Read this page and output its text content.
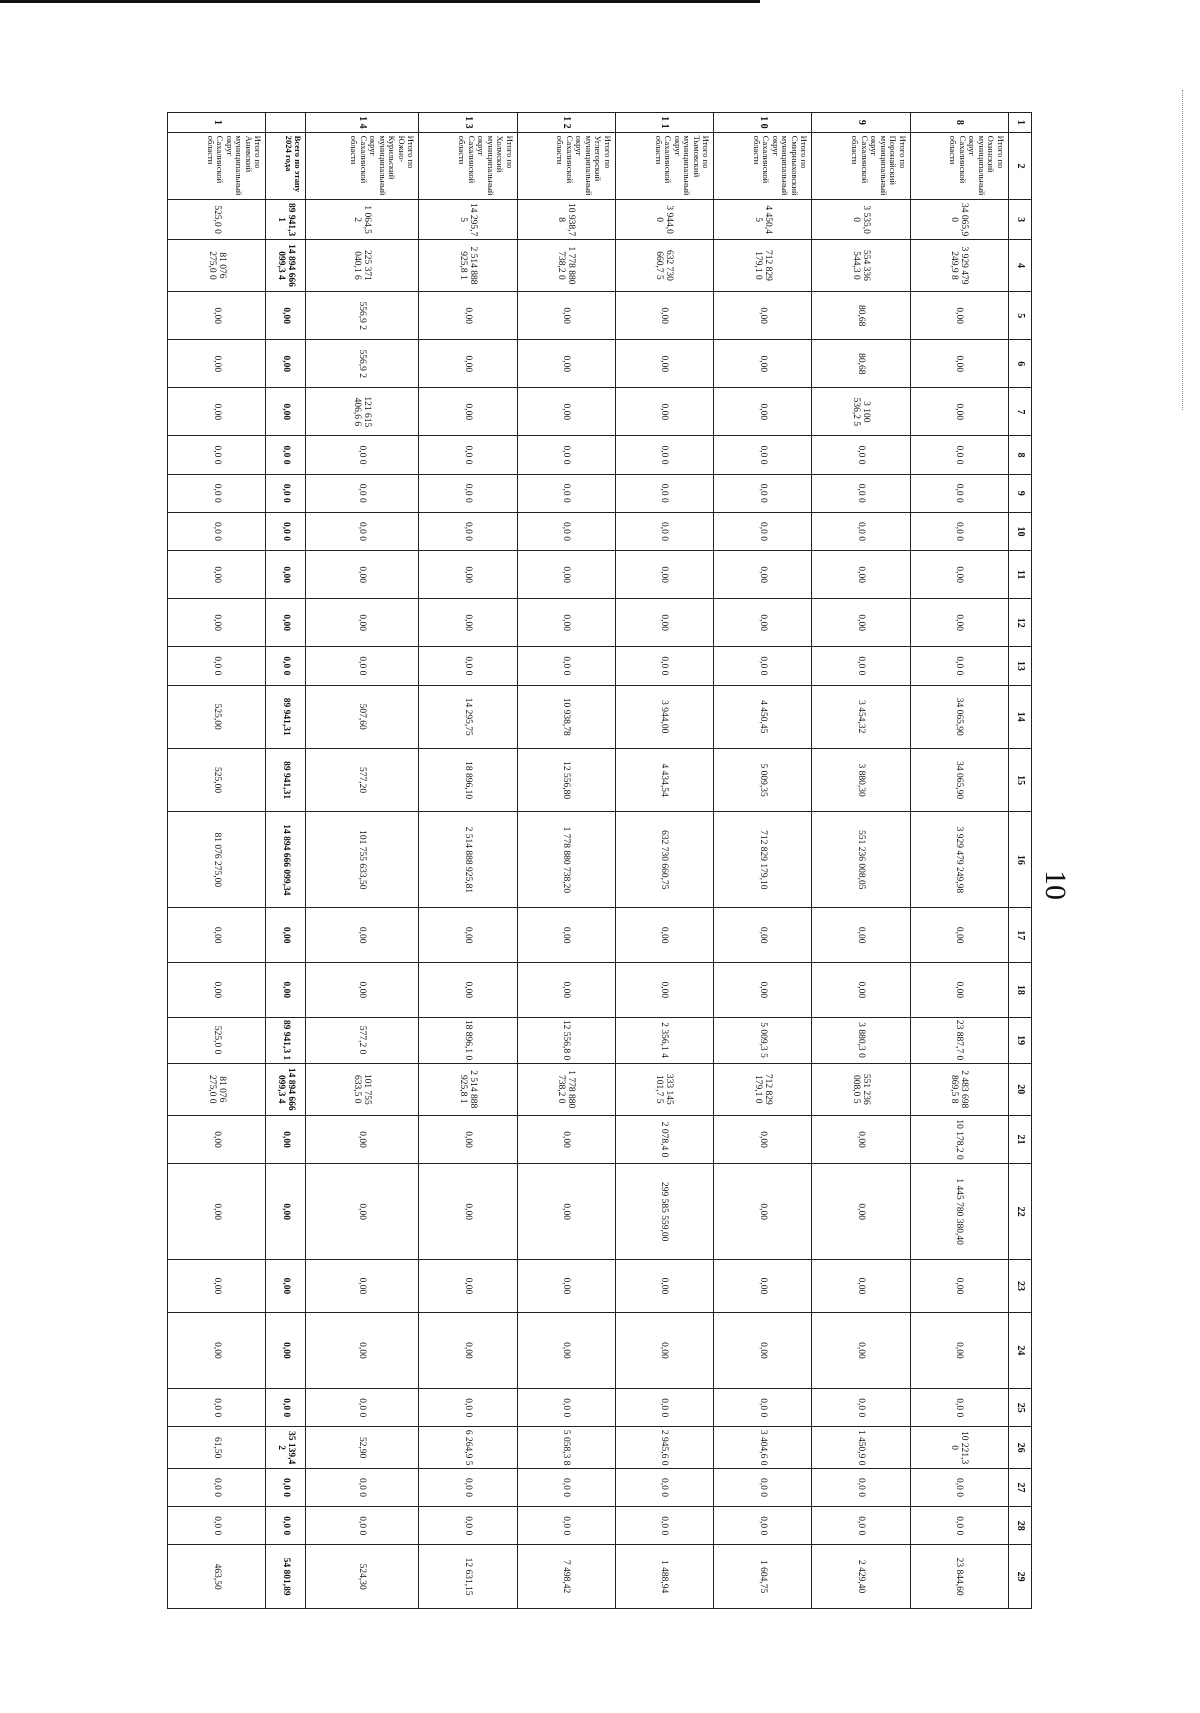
1	2	3	4	5	6	7	8	9	10	11	12	13	14	15	16	17	18	19	20	21	22	23	24	25	26	27	28	29
8	Итого по Охинский муниципальный округ Сахалинской области	34 065,9 0	3 929 479 249,9 8	0,00	0,00	0,00	0,0 0	0,0 0	0,0 0	0,00	0,00	0,0 0	34 065,90	34 065,90	3 929 479 249,98	0,00	0,00	23 887,7 0	2 483 698 869,5 8	10 178,2 0	1 445 780 380,40	0,00	0,00	0,0 0	10 221,3 0	0,0 0	0,0 0	23 844,60
9	Итого по Поронайский муниципальный округ Сахалинской области	3 535,0 0	554 336 544,3 0	80,68	80,68	3 100 536,2 5	0,0 0	0,0 0	0,0 0	0,00	0,00	0,0 0	3 454,32	3 880,30	551 236 008,05	0,00	0,00	3 880,3 0	551 236 008,0 5	0,00	0,00	0,00	0,00	0,0 0	1 450,9 0	0,0 0	0,0 0	2 429,40
1 0	Итого по Смирныховский муниципальный округ Сахалинской области	4 450,4 5	712 829 179,1 0	0,00	0,00	0,00	0,0 0	0,0 0	0,0 0	0,00	0,00	0,0 0	4 450,45	5 009,35	712 829 179,10	0,00	0,00	5 009,3 5	712 829 179,1 0	0,00	0,00	0,00	0,00	0,0 0	3 404,6 0	0,0 0	0,0 0	1 604,75
1 1	Итого по Тымовский муниципальный округ Сахалинской области	3 944,0 0	632 730 660,7 5	0,00	0,00	0,00	0,0 0	0,0 0	0,0 0	0,00	0,00	0,0 0	3 944,00	4 434,54	632 730 660,75	0,00	0,00	2 356,1 4	333 145 101,7 5	2 078,4 0	299 585 559,00	0,00	0,00	0,0 0	2 945,6 0	0,0 0	0,0 0	1 488,94
1 2	Итого по Углегорский муниципальный округ Сахалинской области	10 938,7 8	1 778 880 738,2 0	0,00	0,00	0,00	0,0 0	0,0 0	0,0 0	0,00	0,00	0,0 0	10 938,78	12 556,80	1 778 880 738,20	0,00	0,00	12 556,8 0	1 778 880 738,2 0	0,00	0,00	0,00	0,00	0,0 0	5 058,3 8	0,0 0	0,0 0	7 498,42
1 3	Итого по Холмский муниципальный округ Сахалинской области	14 295,7 5	2 514 888 925,8 1	0,00	0,00	0,00	0,0 0	0,0 0	0,0 0	0,00	0,00	0,0 0	14 295,75	18 896,10	2 514 888 925,81	0,00	0,00	18 896,1 0	2 514 888 925,8 1	0,00	0,00	0,00	0,00	0,0 0	6 264,9 5	0,0 0	0,0 0	12 631,15
1 4	Итого по Южно-Курильский муниципальный округ Сахалинской области	1 064,5 2	225 371 040,1 6	556,9 2	556,9 2	121 615 406,6 6	0,0 0	0,0 0	0,0 0	0,00	0,00	0,0 0	507,60	577,20	101 755 633,50	0,00	0,00	577,2 0	101 755 633,5 0	0,00	0,00	0,00	0,00	0,0 0	52,90	0,0 0	0,0 0	524,30
	Всего по этапу 2024 года	89 941,3 1	14 894 666 099,3 4	0,00	0,00	0,00	0,0 0	0,0 0	0,0 0	0,00	0,00	0,0 0	89 941,31	89 941,31	14 894 666 099,34	0,00	0,00	89 941,3 1	14 894 666 099,3 4	0,00	0,00	0,00	0,00	0,0 0	35 139,4 2	0,0 0	0,0 0	54 801,89
1	Итого по Анивский муниципальный округ Сахалинской области	525,0 0	81 076 275,0 0	0,00	0,00	0,00	0,0 0	0,0 0	0,0 0	0,00	0,00	0,0 0	525,00	525,00	81 076 275,00	0,00	0,00	525,0 0	81 076 275,0 0	0,00	0,00	0,00	0,00	0,0 0	61,50	0,0 0	0,0 0	463,50
10
